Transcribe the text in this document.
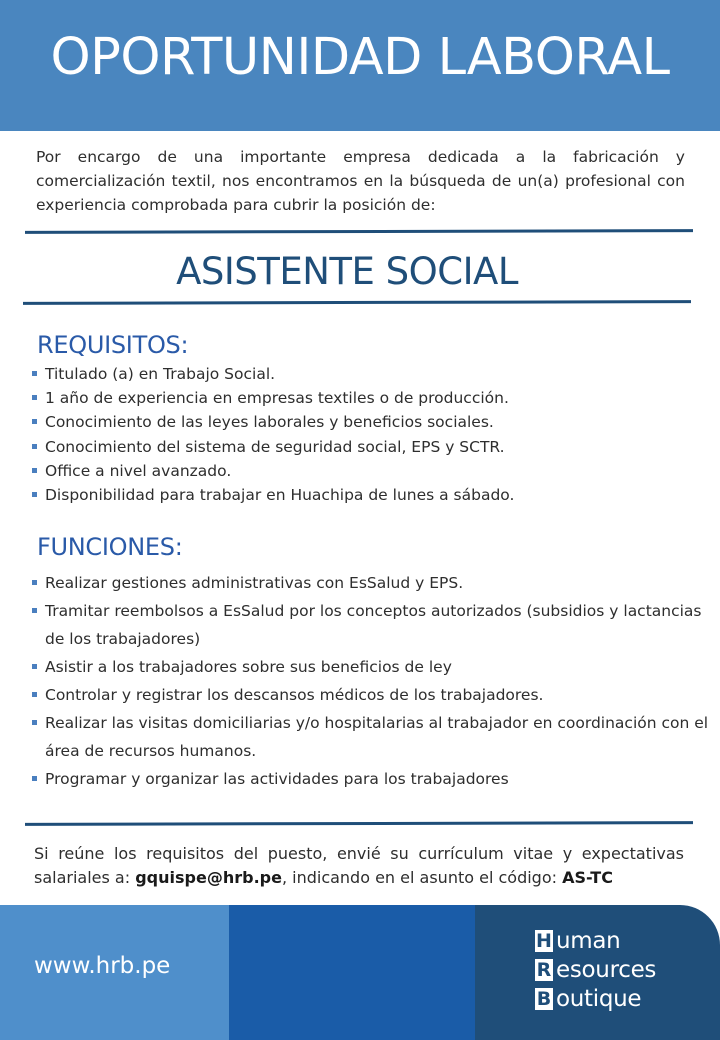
OPORTUNIDAD LABORAL
Por encargo de una importante empresa dedicada a la fabricación y comercialización textil, nos encontramos en la búsqueda de un(a) profesional con experiencia comprobada para cubrir la posición de:
ASISTENTE SOCIAL
REQUISITOS:
Titulado (a) en Trabajo Social.
1 año de experiencia en empresas textiles o de producción.
Conocimiento de las leyes laborales y beneficios sociales.
Conocimiento del sistema de seguridad social, EPS y SCTR.
Office a nivel avanzado.
Disponibilidad para trabajar en Huachipa de lunes a sábado.
FUNCIONES:
Realizar gestiones administrativas con EsSalud y EPS.
Tramitar reembolsos a EsSalud por los conceptos autorizados (subsidios y lactancias de los trabajadores)
Asistir a los trabajadores sobre sus beneficios de ley
Controlar y registrar los descansos médicos de los trabajadores.
Realizar las visitas domiciliarias y/o hospitalarias al trabajador en coordinación con el área de recursos humanos.
Programar y organizar las actividades para los trabajadores
Si reúne los requisitos del puesto, envié su currículum vitae y expectativas salariales a: gquispe@hrb.pe, indicando en el asunto el código: AS-TC
www.hrb.pe
H uman
R esources
B outique
